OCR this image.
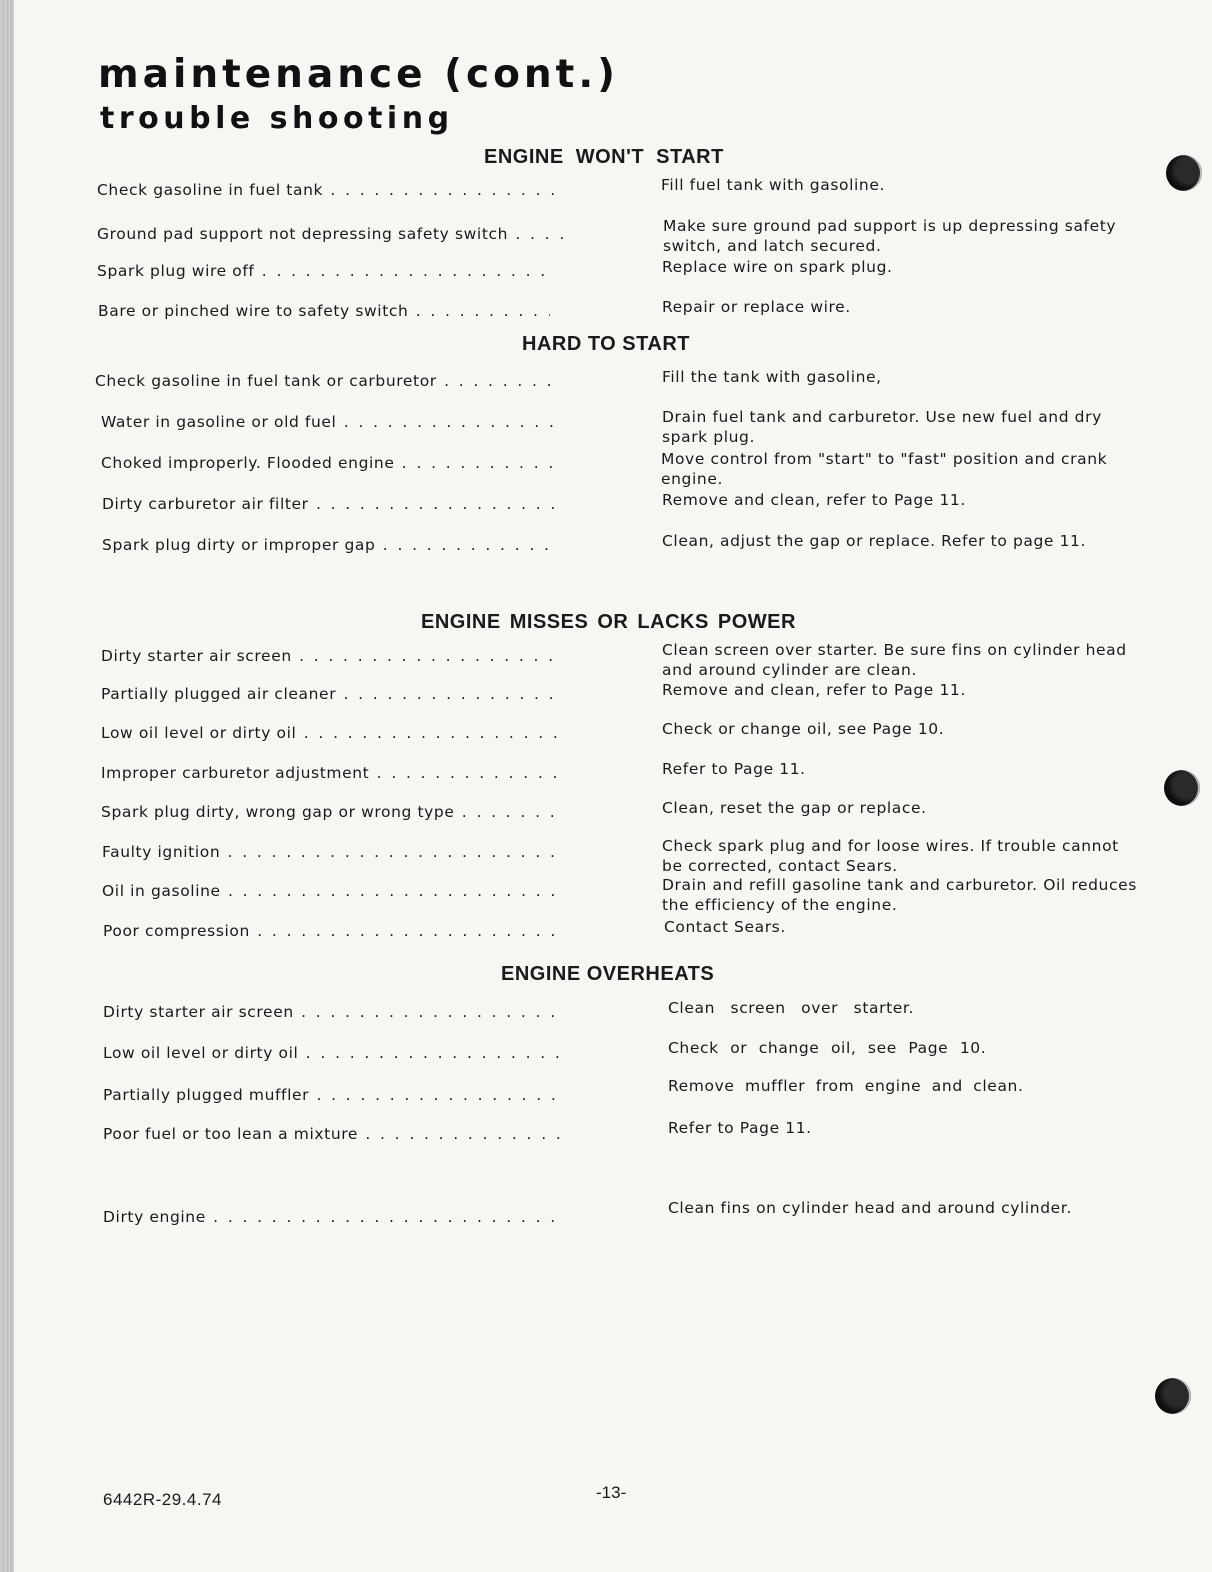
maintenance (cont.)
trouble shooting
ENGINE WON'T START
Check gasoline in fuel tank . . .	Fill fuel tank with gasoline.
Ground pad support not depressing safety switch . . .	Make sure ground pad support is up depressing safety switch, and latch secured.
Spark plug wire off . . .	Replace wire on spark plug.
Bare or pinched wire to safety switch . . .	Repair or replace wire.
HARD TO START
Check gasoline in fuel tank or carburetor . . .	Fill the tank with gasoline,
Water in gasoline or old fuel . . .	Drain fuel tank and carburetor. Use new fuel and dry spark plug.
Choked improperly. Flooded engine . . .	Move control from "start" to "fast" position and crank engine.
Dirty carburetor air filter . . .	Remove and clean, refer to Page 11.
Spark plug dirty or improper gap . . .	Clean, adjust the gap or replace. Refer to page 11.
ENGINE MISSES OR LACKS POWER
Dirty starter air screen . . .	Clean screen over starter. Be sure fins on cylinder head and around cylinder are clean.
Partially plugged air cleaner . . .	Remove and clean, refer to Page 11.
Low oil level or dirty oil . . .	Check or change oil, see Page 10.
Improper carburetor adjustment . . .	Refer to Page 11.
Spark plug dirty, wrong gap or wrong type . . .	Clean, reset the gap or replace.
Faulty ignition . . .	Check spark plug and for loose wires. If trouble cannot be corrected, contact Sears.
Oil in gasoline . . .	Drain and refill gasoline tank and carburetor. Oil reduces the efficiency of the engine.
Poor compression . . .	Contact Sears.
ENGINE OVERHEATS
Dirty starter air screen . . .	Clean screen over starter.
Low oil level or dirty oil . . .	Check or change oil, see Page 10.
Partially plugged muffler . . .	Remove muffler from engine and clean.
Poor fuel or too lean a mixture . . .	Refer to Page 11.
Dirty engine . . .	Clean fins on cylinder head and around cylinder.
6442R-29.4.74	-13-
